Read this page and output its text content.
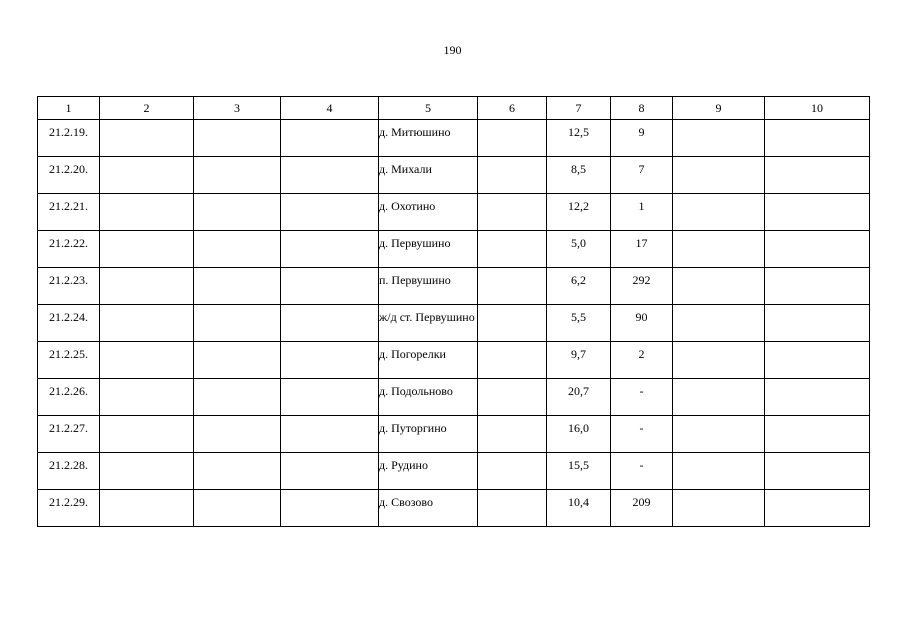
190
1	2	3	4	5	6	7	8	9	10
21.2.19.				д. Митюшино		12,5	9		
21.2.20.				д. Михали		8,5	7		
21.2.21.				д. Охотино		12,2	1		
21.2.22.				д. Первушино		5,0	17		
21.2.23.				п. Первушино		6,2	292		
21.2.24.				ж/д ст. Первушино		5,5	90		
21.2.25.				д. Погорелки		9,7	2		
21.2.26.				д. Подольново		20,7	-		
21.2.27.				д. Путоргино		16,0	-		
21.2.28.				д. Рудино		15,5	-		
21.2.29.				д. Свозово		10,4	209		
